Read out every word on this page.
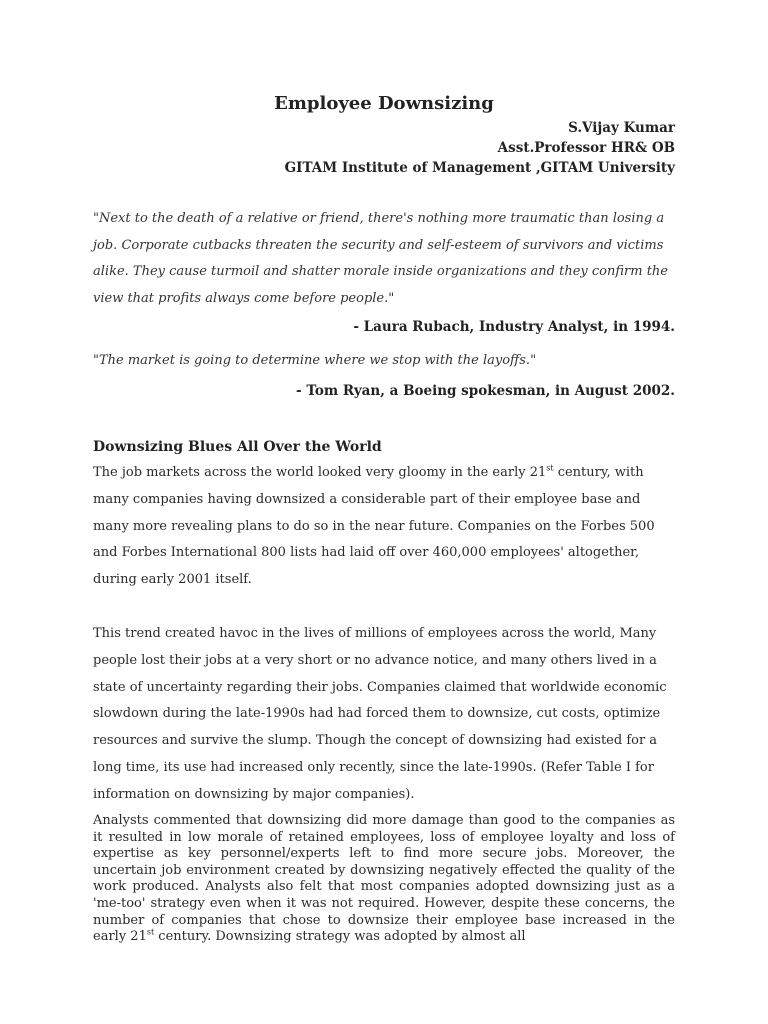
Employee Downsizing
S.Vijay Kumar
Asst.Professor HR& OB
GITAM Institute of Management ,GITAM University

"Next to the death of a relative or friend, there's nothing more traumatic than losing a job. Corporate cutbacks threaten the security and self-esteem of survivors and victims alike. They cause turmoil and shatter morale inside organizations and they confirm the view that profits always come before people."

- Laura Rubach, Industry Analyst, in 1994.

"The market is going to determine where we stop with the layoffs."

- Tom Ryan, a Boeing spokesman, in August 2002.

Downsizing Blues All Over the World

The job markets across the world looked very gloomy in the early 21st century, with many companies having downsized a considerable part of their employee base and many more revealing plans to do so in the near future. Companies on the Forbes 500 and Forbes International 800 lists had laid off over 460,000 employees' altogether, during early 2001 itself.

This trend created havoc in the lives of millions of employees across the world, Many people lost their jobs at a very short or no advance notice, and many others lived in a state of uncertainty regarding their jobs. Companies claimed that worldwide economic slowdown during the late-1990s had had forced them to downsize, cut costs, optimize resources and survive the slump. Though the concept of downsizing had existed for a long time, its use had increased only recently, since the late-1990s. (Refer Table I for information on downsizing by major companies).

Analysts commented that downsizing did more damage than good to the companies as it resulted in low morale of retained employees, loss of employee loyalty and loss of expertise as key personnel/experts left to find more secure jobs. Moreover, the uncertain job environment created by downsizing negatively effected the quality of the work produced. Analysts also felt that most companies adopted downsizing just as a 'me-too' strategy even when it was not required. However, despite these concerns, the number of companies that chose to downsize their employee base increased in the early 21st century. Downsizing strategy was adopted by almost all
